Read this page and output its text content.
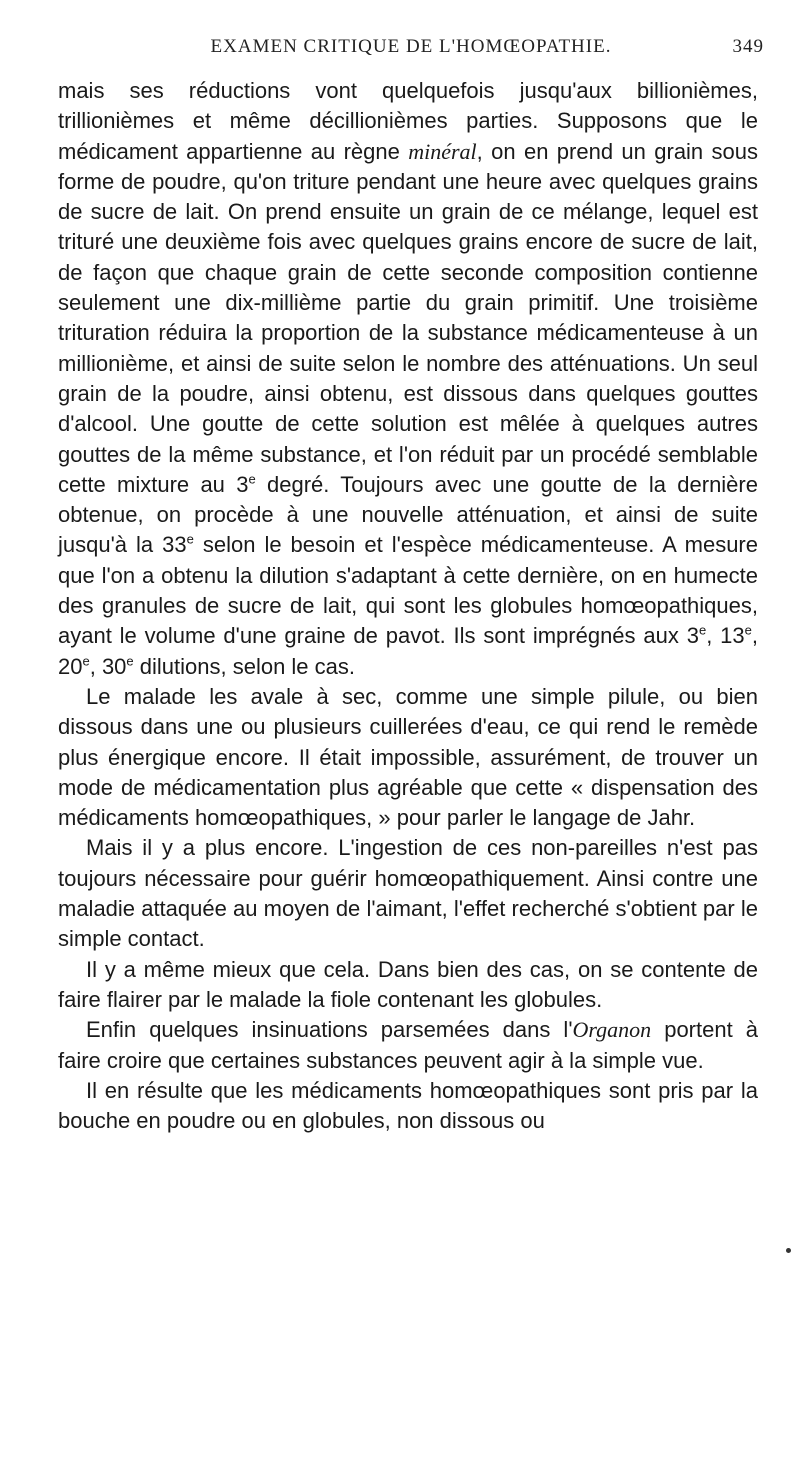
EXAMEN CRITIQUE DE L'HOMŒOPATHIE.	349

mais ses réductions vont quelquefois jusqu'aux billionièmes, trillionièmes et même décillionièmes parties. Supposons que le médicament appartienne au règne minéral, on en prend un grain sous forme de poudre, qu'on triture pendant une heure avec quelques grains de sucre de lait. On prend ensuite un grain de ce mélange, lequel est trituré une deuxième fois avec quelques grains encore de sucre de lait, de façon que chaque grain de cette seconde composition contienne seulement une dix-millième partie du grain primitif. Une troisième trituration réduira la proportion de la substance médicamenteuse à un millionième, et ainsi de suite selon le nombre des atténuations. Un seul grain de la poudre, ainsi obtenu, est dissous dans quelques gouttes d'alcool. Une goutte de cette solution est mêlée à quelques autres gouttes de la même substance, et l'on réduit par un procédé semblable cette mixture au 3e degré. Toujours avec une goutte de la dernière obtenue, on procède à une nouvelle atténuation, et ainsi de suite jusqu'à la 33e selon le besoin et l'espèce médicamenteuse. A mesure que l'on a obtenu la dilution s'adaptant à cette dernière, on en humecte des granules de sucre de lait, qui sont les globules homœopathiques, ayant le volume d'une graine de pavot. Ils sont imprégnés aux 3e, 13e, 20e, 30e dilutions, selon le cas.

Le malade les avale à sec, comme une simple pilule, ou bien dissous dans une ou plusieurs cuillerées d'eau, ce qui rend le remède plus énergique encore. Il était impossible, assurément, de trouver un mode de médicamentation plus agréable que cette « dispensation des médicaments homœopathiques, » pour parler le langage de Jahr.

Mais il y a plus encore. L'ingestion de ces non-pareilles n'est pas toujours nécessaire pour guérir homœopathiquement. Ainsi contre une maladie attaquée au moyen de l'aimant, l'effet recherché s'obtient par le simple contact.

Il y a même mieux que cela. Dans bien des cas, on se contente de faire flairer par le malade la fiole contenant les globules.

Enfin quelques insinuations parsemées dans l'Organon portent à faire croire que certaines substances peuvent agir à la simple vue.

Il en résulte que les médicaments homœopathiques sont pris par la bouche en poudre ou en globules, non dissous ou
